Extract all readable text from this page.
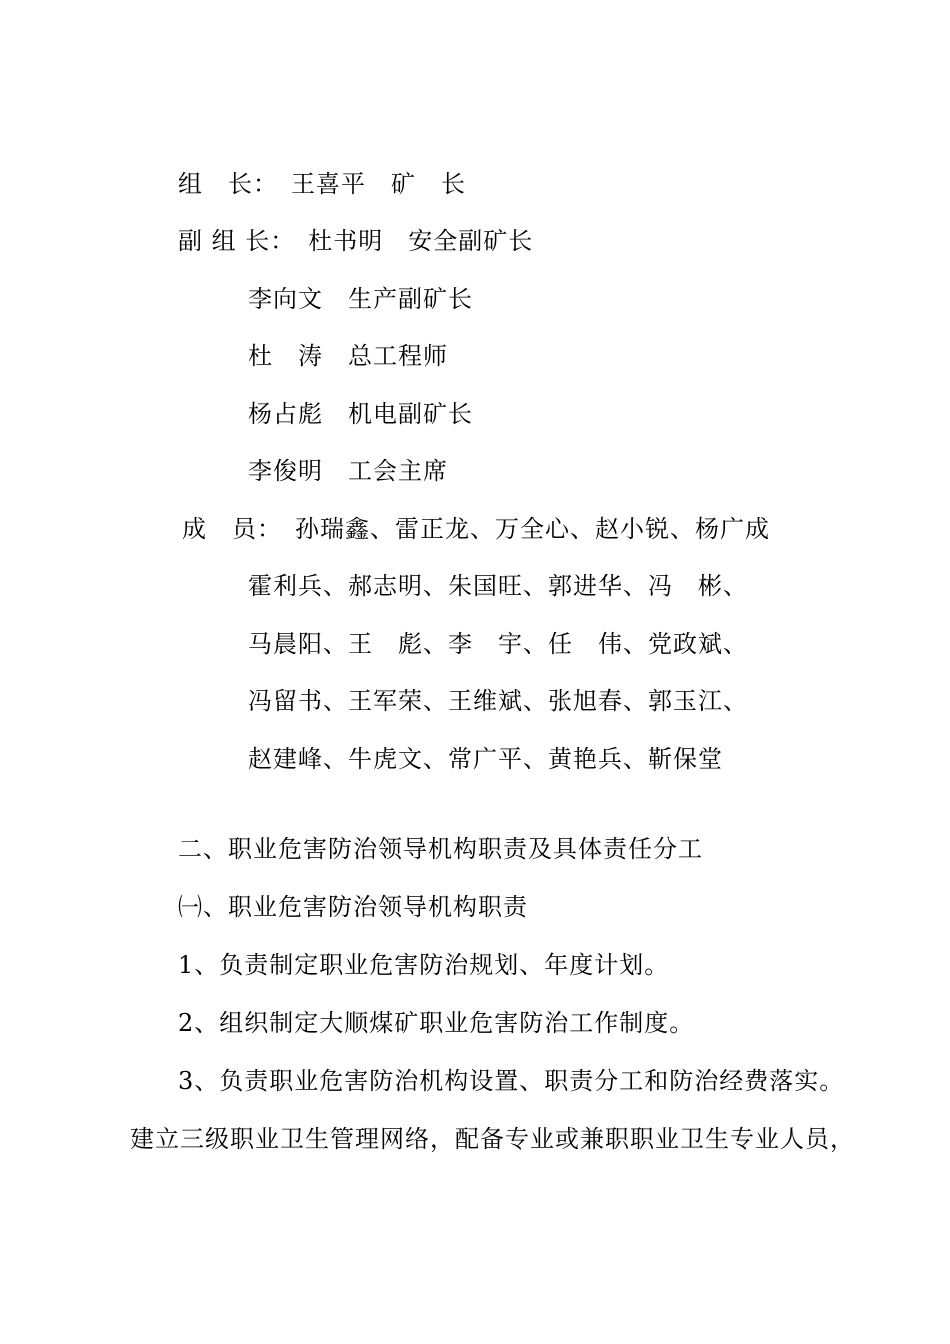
组　长：　王喜平　矿　长
副 组 长：　杜书明　安全副矿长
李向文　生产副矿长
杜　涛　总工程师
杨占彪　机电副矿长
李俊明　工会主席
成　员：　孙瑞鑫、雷正龙、万全心、赵小锐、杨广成
霍利兵、郝志明、朱国旺、郭进华、冯　彬、
马晨阳、王　彪、李　宇、任　伟、党政斌、
冯留书、王军荣、王维斌、张旭春、郭玉江、
赵建峰、牛虎文、常广平、黄艳兵、靳保堂
二、职业危害防治领导机构职责及具体责任分工
㈠、职业危害防治领导机构职责
1、负责制定职业危害防治规划、年度计划。
2、组织制定大顺煤矿职业危害防治工作制度。
3、负责职业危害防治机构设置、职责分工和防治经费落实。
建立三级职业卫生管理网络，配备专业或兼职职业卫生专业人员，
